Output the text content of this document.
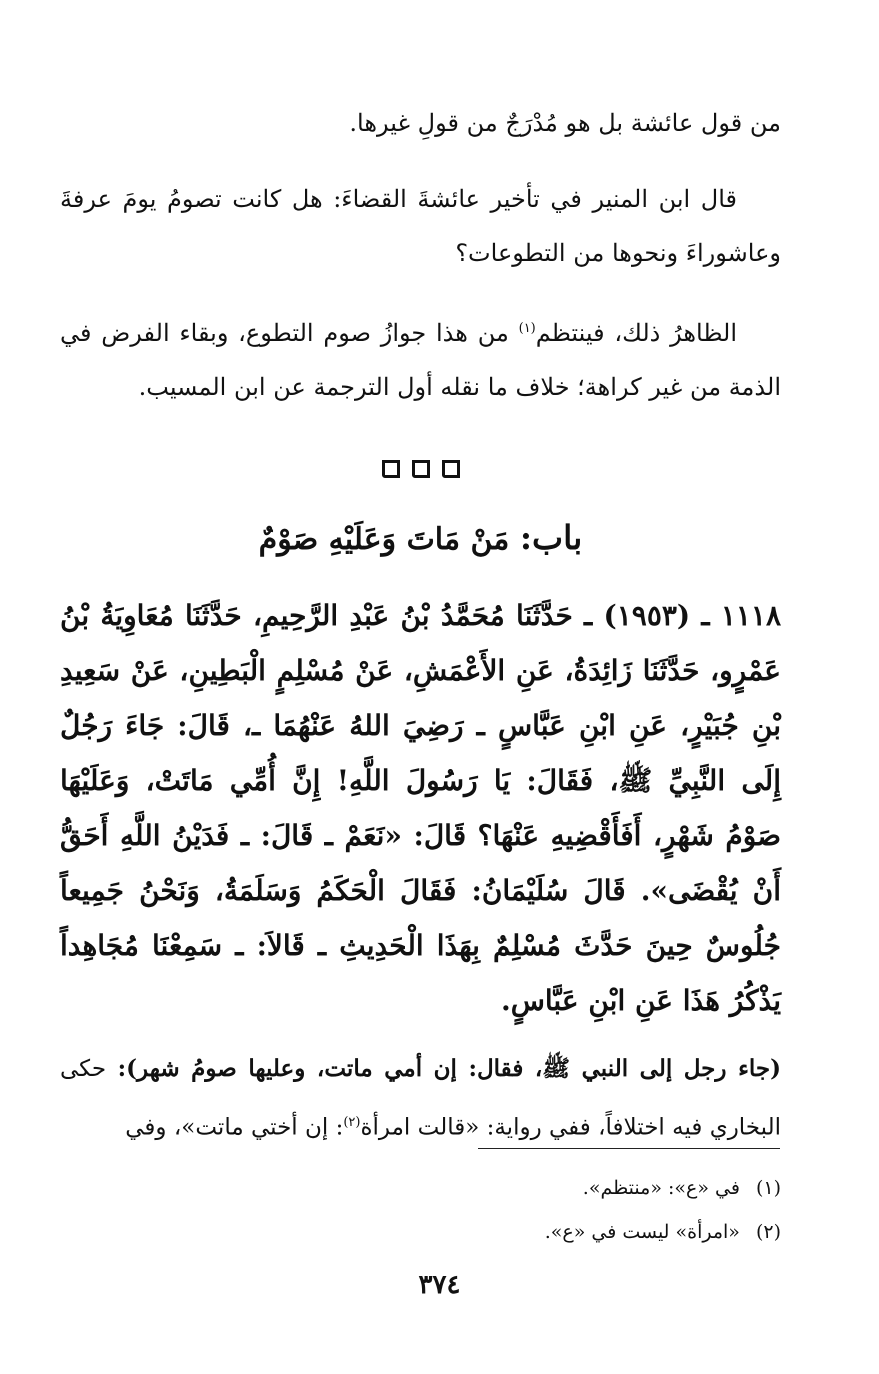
من قول عائشة بل هو مُدْرَجٌ من قولِ غيرها.

قال ابن المنير في تأخير عائشةَ القضاءَ: هل كانت تصومُ يومَ عرفةَ وعاشوراءَ ونحوها من التطوعات؟

الظاهرُ ذلك، فينتظم$^{(١)}$ من هذا جوازُ صوم التطوع، وبقاء الفرض في الذمة من غير كراهة؛ خلاف ما نقله أول الترجمة عن ابن المسيب.

باب: مَنْ مَاتَ وَعَلَيْهِ صَوْمٌ

١١١٨ ـ (١٩٥٣) ـ حَدَّثَنَا مُحَمَّدُ بْنُ عَبْدِ الرَّحِيمِ، حَدَّثَنَا مُعَاوِيَةُ بْنُ عَمْرٍو، حَدَّثَنَا زَائِدَةُ، عَنِ الأَعْمَشِ، عَنْ مُسْلِمٍ الْبَطِينِ، عَنْ سَعِيدِ بْنِ جُبَيْرٍ، عَنِ ابْنِ عَبَّاسٍ ـ رَضِيَ اللهُ عَنْهُمَا ـ، قَالَ: جَاءَ رَجُلٌ إِلَى النَّبِيِّ ﷺ، فَقَالَ: يَا رَسُولَ اللَّهِ! إِنَّ أُمِّي مَاتَتْ، وَعَلَيْهَا صَوْمُ شَهْرٍ، أَفَأَقْضِيهِ عَنْهَا؟ قَالَ: «نَعَمْ ـ قَالَ: ـ فَدَيْنُ اللَّهِ أَحَقُّ أَنْ يُقْضَى». قَالَ سُلَيْمَانُ: فَقَالَ الْحَكَمُ وَسَلَمَةُ، وَنَحْنُ جَمِيعاً جُلُوسٌ حِينَ حَدَّثَ مُسْلِمٌ بِهَذَا الْحَدِيثِ ـ قَالاَ: ـ سَمِعْنَا مُجَاهِداً يَذْكُرُ هَذَا عَنِ ابْنِ عَبَّاسٍ.

(جاء رجل إلى النبي ﷺ، فقال: إن أمي ماتت، وعليها صومُ شهر): حكى البخاري فيه اختلافاً، ففي رواية: «قالت امرأة$^{(٢)}$: إن أختي ماتت»، وفي

(١)في «ع»: «منتظم».
(٢)«امرأة» ليست في «ع».
٣٧٤
